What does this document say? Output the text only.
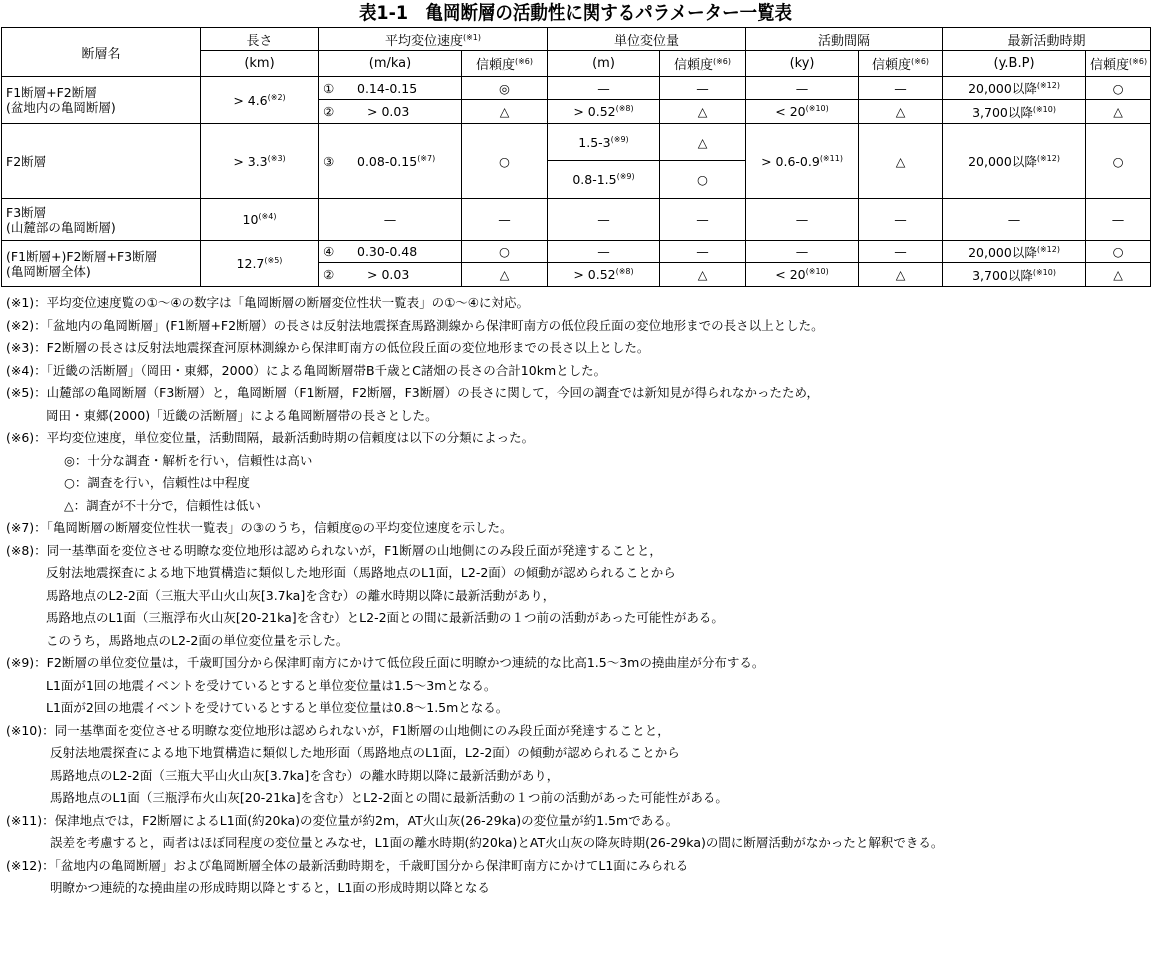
表1-1　亀岡断層の活動性に関するパラメーター一覧表
断層名	長さ	平均変位速度$^{(※1)}$		単位変位量		活動間隔		最新活動時期	
	(km)	(m/ka)	信頼度$^{(※6)}$	(m)	信頼度$^{(※6)}$	(ky)	信頼度$^{(※6)}$	(y.B.P)	信頼度$^{(※6)}$
F1断層+F2断層
(盆地内の亀岡断層)	> $4.6^{(※2)}$	① 0.14-0.15	◎	—	—	—	—	20,000以降$^{(※12)}$	○
		② > 0.03	△	> $0.52^{(※8)}$	△	< $20^{(※10)}$	△	3,700以降$^{(※10)}$	△
F2断層	> $3.3^{(※3)}$	③ $0.08-0.15^{(※7)}$	○	$1.5-3^{(※9)}$	△	> $0.6-0.9^{(※11)}$	△	20,000以降$^{(※12)}$	○
				$0.8-1.5^{(※9)}$	○				
F3断層
(山麓部の亀岡断層)	$10^{(※4)}$	—	—	—	—	—	—	—	—
(F1断層+)F2断層+F3断層
(亀岡断層全体)	$12.7^{(※5)}$	④ 0.30-0.48	○	—	—	—	—	20,000以降$^{(※12)}$	○
		② > 0.03	△	> $0.52^{(※8)}$	△	< $20^{(※10)}$	△	3,700以降$^{(※10)}$	△
(※1)：平均変位速度覧の①～④の数字は「亀岡断層の断層変位性状一覧表」の①～④に対応。
(※2)：「盆地内の亀岡断層」(F1断層+F2断層）の長さは反射法地震探査馬路測線から保津町南方の低位段丘面の変位地形までの長さ以上とした。
(※3)：F2断層の長さは反射法地震探査河原林測線から保津町南方の低位段丘面の変位地形までの長さ以上とした。
(※4)：「近畿の活断層」（岡田・東郷，2000）による亀岡断層帯B千歳とC諸畑の長さの合計10kmとした。
(※5)：山麓部の亀岡断層（F3断層）と，亀岡断層（F1断層，F2断層，F3断層）の長さに関して，今回の調査では新知見が得られなかったため，
岡田・東郷(2000)「近畿の活断層」による亀岡断層帯の長さとした。
(※6)：平均変位速度，単位変位量，活動間隔，最新活動時期の信頼度は以下の分類によった。
◎：十分な調査・解析を行い，信頼性は高い
○：調査を行い，信頼性は中程度
△：調査が不十分で，信頼性は低い
(※7)：「亀岡断層の断層変位性状一覧表」の③のうち，信頼度◎の平均変位速度を示した。
(※8)：同一基準面を変位させる明瞭な変位地形は認められないが，F1断層の山地側にのみ段丘面が発達することと，
反射法地震探査による地下地質構造に類似した地形面（馬路地点のL1面，L2-2面）の傾動が認められることから
馬路地点のL2-2面（三瓶大平山火山灰[3.7ka]を含む）の離水時期以降に最新活動があり，
馬路地点のL1面（三瓶浮布火山灰[20-21ka]を含む）とL2-2面との間に最新活動の１つ前の活動があった可能性がある。
このうち，馬路地点のL2-2面の単位変位量を示した。
(※9)：F2断層の単位変位量は，千歳町国分から保津町南方にかけて低位段丘面に明瞭かつ連続的な比高1.5～3mの撓曲崖が分布する。
L1面が1回の地震イベントを受けているとすると単位変位量は1.5～3mとなる。
L1面が2回の地震イベントを受けているとすると単位変位量は0.8～1.5mとなる。
(※10)：同一基準面を変位させる明瞭な変位地形は認められないが，F1断層の山地側にのみ段丘面が発達することと，
反射法地震探査による地下地質構造に類似した地形面（馬路地点のL1面，L2-2面）の傾動が認められることから
馬路地点のL2-2面（三瓶大平山火山灰[3.7ka]を含む）の離水時期以降に最新活動があり，
馬路地点のL1面（三瓶浮布火山灰[20-21ka]を含む）とL2-2面との間に最新活動の１つ前の活動があった可能性がある。
(※11)：保津地点では，F2断層によるL1面(約20ka)の変位量が約2m，AT火山灰(26-29ka)の変位量が約1.5mである。
誤差を考慮すると，両者はほぼ同程度の変位量とみなせ，L1面の離水時期(約20ka)とAT火山灰の降灰時期(26-29ka)の間に断層活動がなかったと解釈できる。
(※12)：「盆地内の亀岡断層」および亀岡断層全体の最新活動時期を，千歳町国分から保津町南方にかけてL1面にみられる
明瞭かつ連続的な撓曲崖の形成時期以降とすると，L1面の形成時期以降となる
